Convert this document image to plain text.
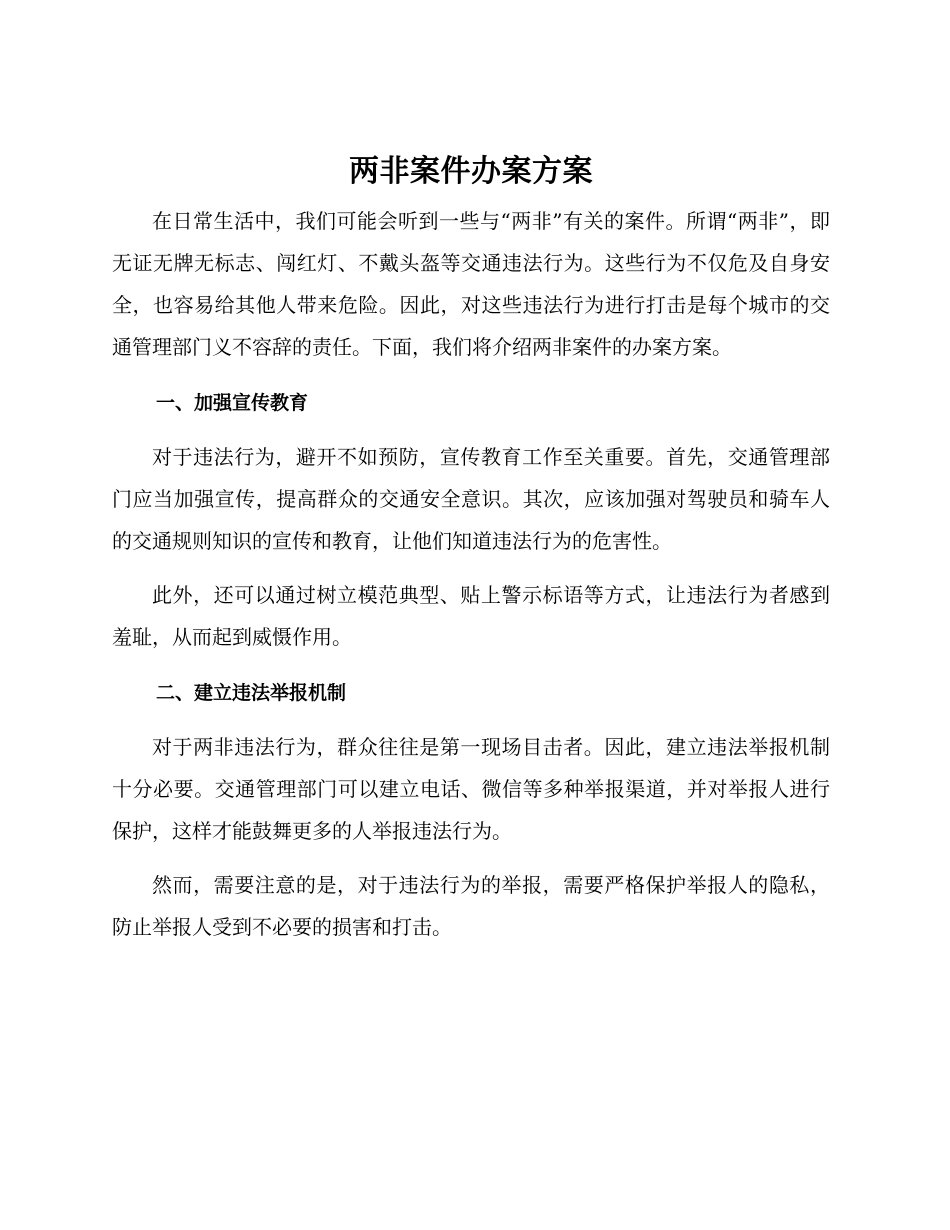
两非案件办案方案

在日常生活中，我们可能会听到一些与“两非”有关的案件。所谓“两非”，即无证无牌无标志、闯红灯、不戴头盔等交通违法行为。这些行为不仅危及自身安全，也容易给其他人带来危险。因此，对这些违法行为进行打击是每个城市的交通管理部门义不容辞的责任。下面，我们将介绍两非案件的办案方案。

一、加强宣传教育

对于违法行为，避开不如预防，宣传教育工作至关重要。首先，交通管理部门应当加强宣传，提高群众的交通安全意识。其次，应该加强对驾驶员和骑车人的交通规则知识的宣传和教育，让他们知道违法行为的危害性。

此外，还可以通过树立模范典型、贴上警示标语等方式，让违法行为者感到羞耻，从而起到威慑作用。

二、建立违法举报机制

对于两非违法行为，群众往往是第一现场目击者。因此，建立违法举报机制十分必要。交通管理部门可以建立电话、微信等多种举报渠道，并对举报人进行保护，这样才能鼓舞更多的人举报违法行为。

然而，需要注意的是，对于违法行为的举报，需要严格保护举报人的隐私，防止举报人受到不必要的损害和打击。
